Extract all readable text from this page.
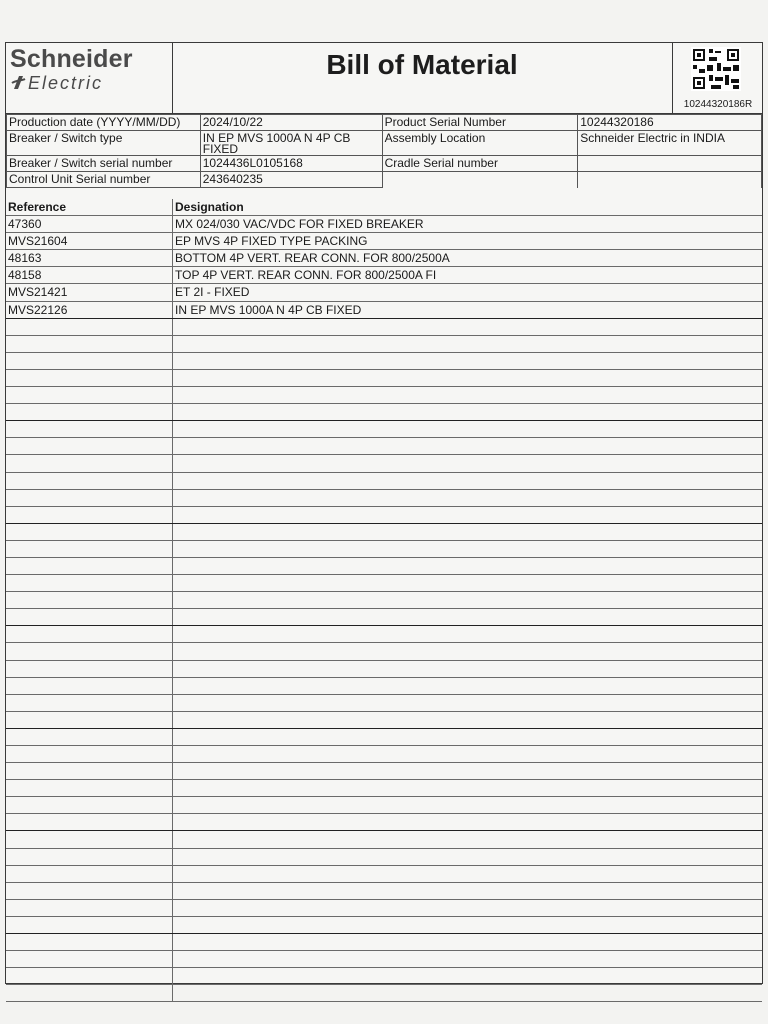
Schneider
Electric
Bill of Material
10244320186R
Production date (YYYY/MM/DD)	2024/10/22	Product Serial Number	10244320186
Breaker / Switch type	IN EP MVS 1000A N 4P CB FIXED	Assembly Location	Schneider Electric in INDIA
Breaker / Switch serial number	1024436L0105168	Cradle Serial number	
Control Unit Serial number	243640235		
Reference	Designation
47360	MX 024/030 VAC/VDC FOR FIXED BREAKER
MVS21604	EP MVS 4P FIXED TYPE PACKING
48163	BOTTOM 4P VERT. REAR CONN. FOR 800/2500A
48158	TOP 4P VERT. REAR CONN. FOR 800/2500A FI
MVS21421	ET 2I - FIXED
MVS22126	IN EP MVS 1000A N 4P CB FIXED
